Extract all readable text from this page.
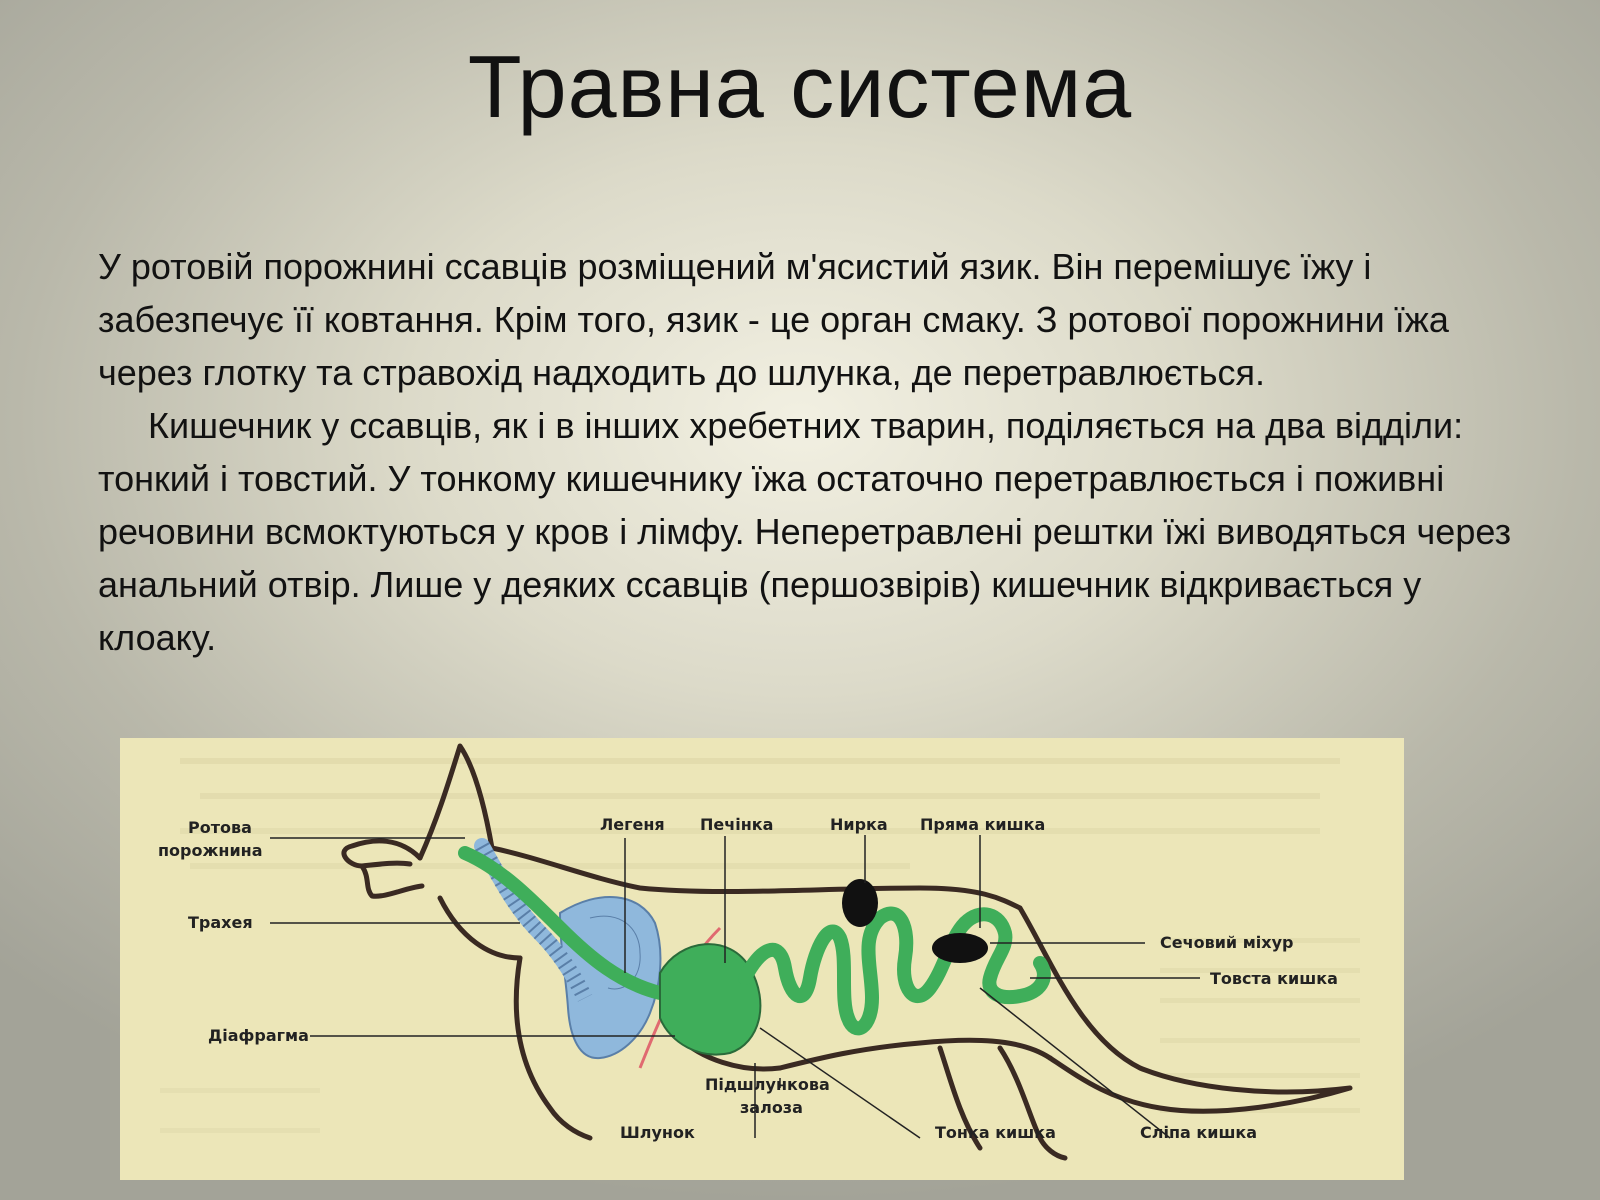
Травна система

У ротовій порожнині ссавців розміщений м'ясистий язик. Він перемішує їжу і забезпечує її ковтання. Крім того, язик - це орган смаку. З ротової порожнини їжа через глотку та стравохід надходить до шлунка, де перетравлюється.

Кишечник у ссавців, як і в інших хребетних тварин, поділяється на два відділи: тонкий і товстий. У тонкому кишечнику їжа остаточно перетравлюється і поживні речовини всмоктуються у кров і лімфу. Неперетравлені рештки їжі виводяться через анальний отвір. Лише у деяких ссавців (першозвірів) кишечник відкривається у клоаку.

Ротова
порожнина
Трахея
Діафрагма
Легеня Печінка	Нирка Пряма кишка
Сечовий міхур
Товста кишка
Підшлункова
залоза
Шлунок	Тонка кишка	Сліпа кишка
